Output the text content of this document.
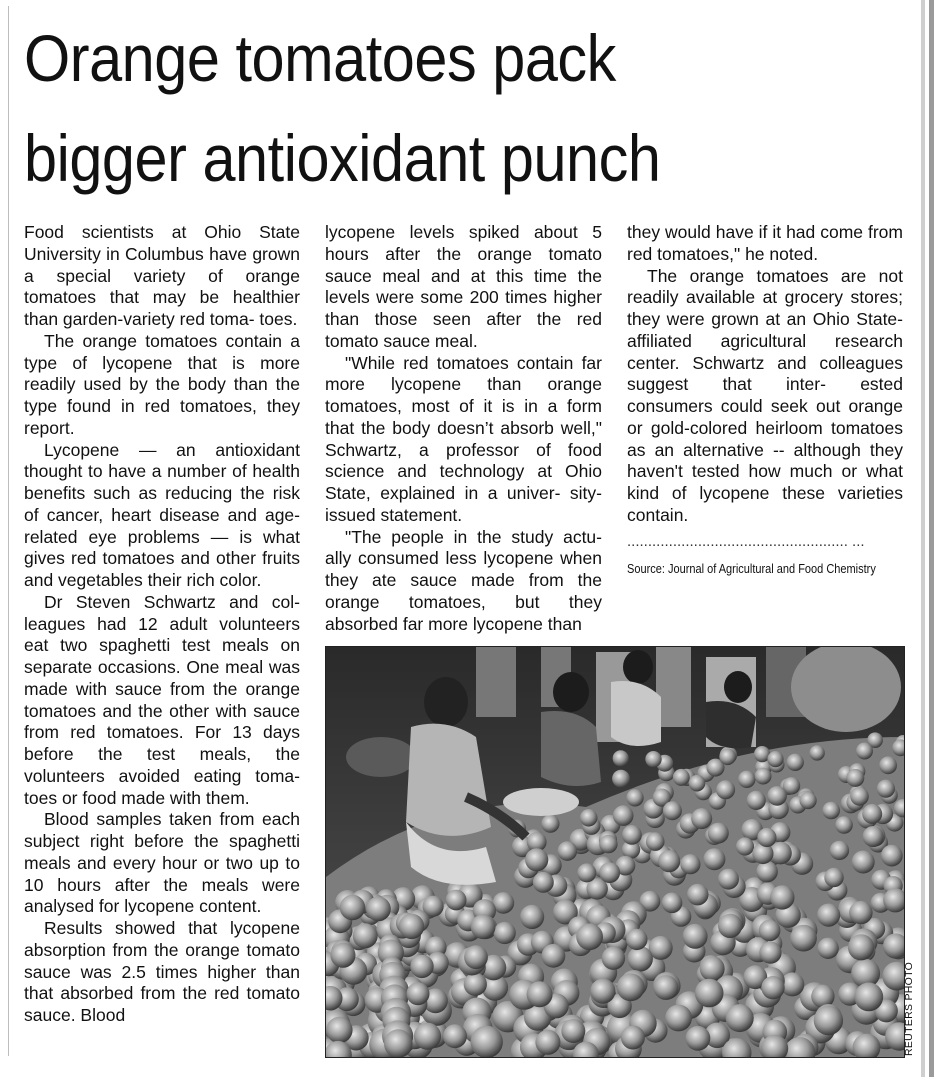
Orange tomatoes pack
bigger antioxidant punch

Food scientists at Ohio State University in Columbus have grown a special variety of orange tomatoes that may be healthier than garden-variety red toma- toes.

The orange tomatoes contain a type of lycopene that is more readily used by the body than the type found in red tomatoes, they report.

Lycopene — an antioxidant thought to have a number of health benefits such as reducing the risk of cancer, heart disease and age-related eye problems — is what gives red tomatoes and other fruits and vegetables their rich color.

Dr Steven Schwartz and col- leagues had 12 adult volunteers eat two spaghetti test meals on separate occasions. One meal was made with sauce from the orange tomatoes and the other with sauce from red tomatoes. For 13 days before the test meals, the volunteers avoided eating toma- toes or food made with them.

Blood samples taken from each subject right before the spaghetti meals and every hour or two up to 10 hours after the meals were analysed for lycopene content.

Results showed that lycopene absorption from the orange tomato sauce was 2.5 times higher than that absorbed from the red tomato sauce. Blood

lycopene levels spiked about 5 hours after the orange tomato sauce meal and at this time the levels were some 200 times higher than those seen after the red tomato sauce meal.

"While red tomatoes contain far more lycopene than orange tomatoes, most of it is in a form that the body doesn’t absorb well," Schwartz, a professor of food science and technology at Ohio State, explained in a univer- sity-issued statement.

"The people in the study actu- ally consumed less lycopene when they ate sauce made from the orange tomatoes, but they absorbed far more lycopene than

they would have if it had come from red tomatoes," he noted.

The orange tomatoes are not readily available at grocery stores; they were grown at an Ohio State-affiliated agricultural research center. Schwartz and colleagues suggest that inter- ested consumers could seek out orange or gold-colored heirloom tomatoes as an alternative -- although they haven't tested how much or what kind of lycopene these varieties contain.

..................................................... ...
Source: Journal of Agricultural and Food Chemistry
REUTERS PHOTO
